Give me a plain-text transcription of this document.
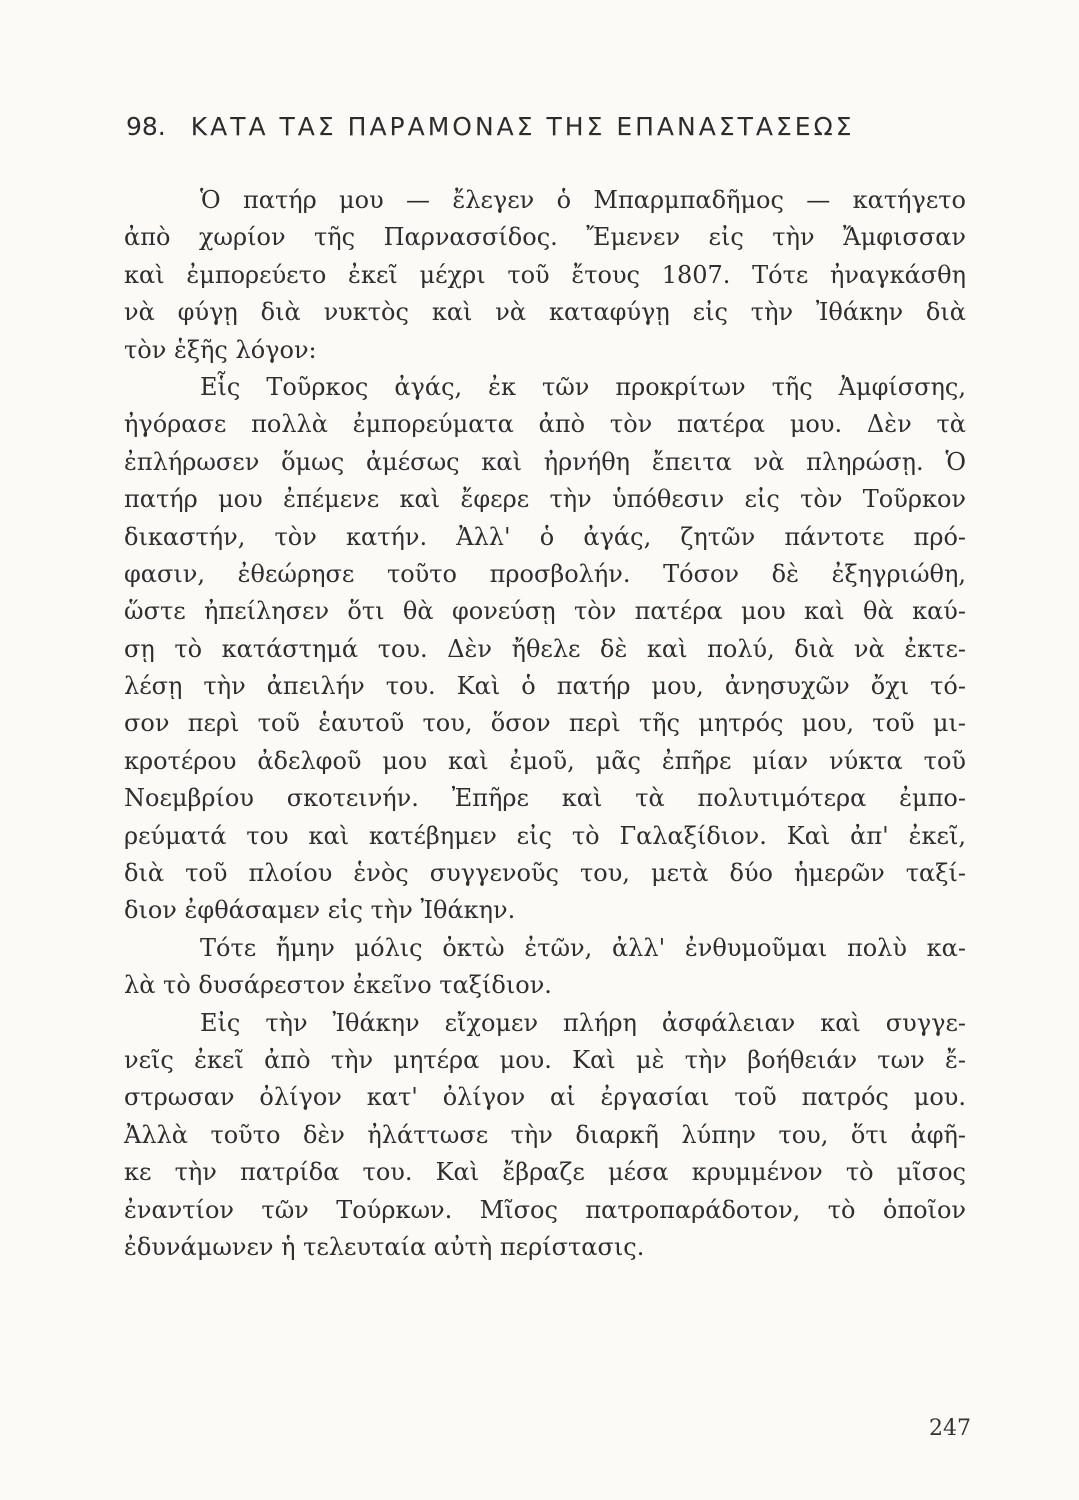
98. ΚΑΤΑ ΤΑΣ ΠΑΡΑΜΟΝΑΣ ΤΗΣ ΕΠΑΝΑΣΤΑΣΕΩΣ
Ὁ πατήρ μου — ἔλεγεν ὁ Μπαρμπαδῆμος — κατήγετο
ἀπὸ χωρίον τῆς Παρνασσίδος. Ἔμενεν εἰς τὴν Ἄμφισσαν
καὶ ἐμπορεύετο ἐκεῖ μέχρι τοῦ ἔτους 1807. Τότε ἠναγκάσθη
νὰ φύγῃ διὰ νυκτὸς καὶ νὰ καταφύγῃ εἰς τὴν Ἰθάκην διὰ
τὸν ἑξῆς λόγον:
Εἷς Τοῦρκος ἀγάς, ἐκ τῶν προκρίτων τῆς Ἀμφίσσης,
ἠγόρασε πολλὰ ἐμπορεύματα ἀπὸ τὸν πατέρα μου. Δὲν τὰ
ἐπλήρωσεν ὅμως ἀμέσως καὶ ἠρνήθη ἔπειτα νὰ πληρώσῃ. Ὁ
πατήρ μου ἐπέμενε καὶ ἔφερε τὴν ὑπόθεσιν εἰς τὸν Τοῦρκον
δικαστήν, τὸν κατήν. Ἀλλ' ὁ ἀγάς, ζητῶν πάντοτε πρό-
φασιν, ἐθεώρησε τοῦτο προσβολήν. Τόσον δὲ ἐξηγριώθη,
ὥστε ἠπείλησεν ὅτι θὰ φονεύσῃ τὸν πατέρα μου καὶ θὰ καύ-
σῃ τὸ κατάστημά του. Δὲν ἤθελε δὲ καὶ πολύ, διὰ νὰ ἐκτε-
λέσῃ τὴν ἀπειλήν του. Καὶ ὁ πατήρ μου, ἀνησυχῶν ὄχι τό-
σον περὶ τοῦ ἑαυτοῦ του, ὅσον περὶ τῆς μητρός μου, τοῦ μι-
κροτέρου ἀδελφοῦ μου καὶ ἐμοῦ, μᾶς ἐπῆρε μίαν νύκτα τοῦ
Νοεμβρίου σκοτεινήν. Ἐπῆρε καὶ τὰ πολυτιμότερα ἐμπο-
ρεύματά του καὶ κατέβημεν εἰς τὸ Γαλαξίδιον. Καὶ ἀπ' ἐκεῖ,
διὰ τοῦ πλοίου ἑνὸς συγγενοῦς του, μετὰ δύο ἡμερῶν ταξί-
διον ἐφθάσαμεν εἰς τὴν Ἰθάκην.
Τότε ἤμην μόλις ὀκτὼ ἐτῶν, ἀλλ' ἐνθυμοῦμαι πολὺ κα-
λὰ τὸ δυσάρεστον ἐκεῖνο ταξίδιον.
Εἰς τὴν Ἰθάκην εἴχομεν πλήρη ἀσφάλειαν καὶ συγγε-
νεῖς ἐκεῖ ἀπὸ τὴν μητέρα μου. Καὶ μὲ τὴν βοήθειάν των ἔ-
στρωσαν ὀλίγον κατ' ὀλίγον αἱ ἐργασίαι τοῦ πατρός μου.
Ἀλλὰ τοῦτο δὲν ἠλάττωσε τὴν διαρκῆ λύπην του, ὅτι ἀφῆ-
κε τὴν πατρίδα του. Καὶ ἔβραζε μέσα κρυμμένον τὸ μῖσος
ἐναντίον τῶν Τούρκων. Μῖσος πατροπαράδοτον, τὸ ὁποῖον
ἐδυνάμωνεν ἡ τελευταία αὐτὴ περίστασις.
247
